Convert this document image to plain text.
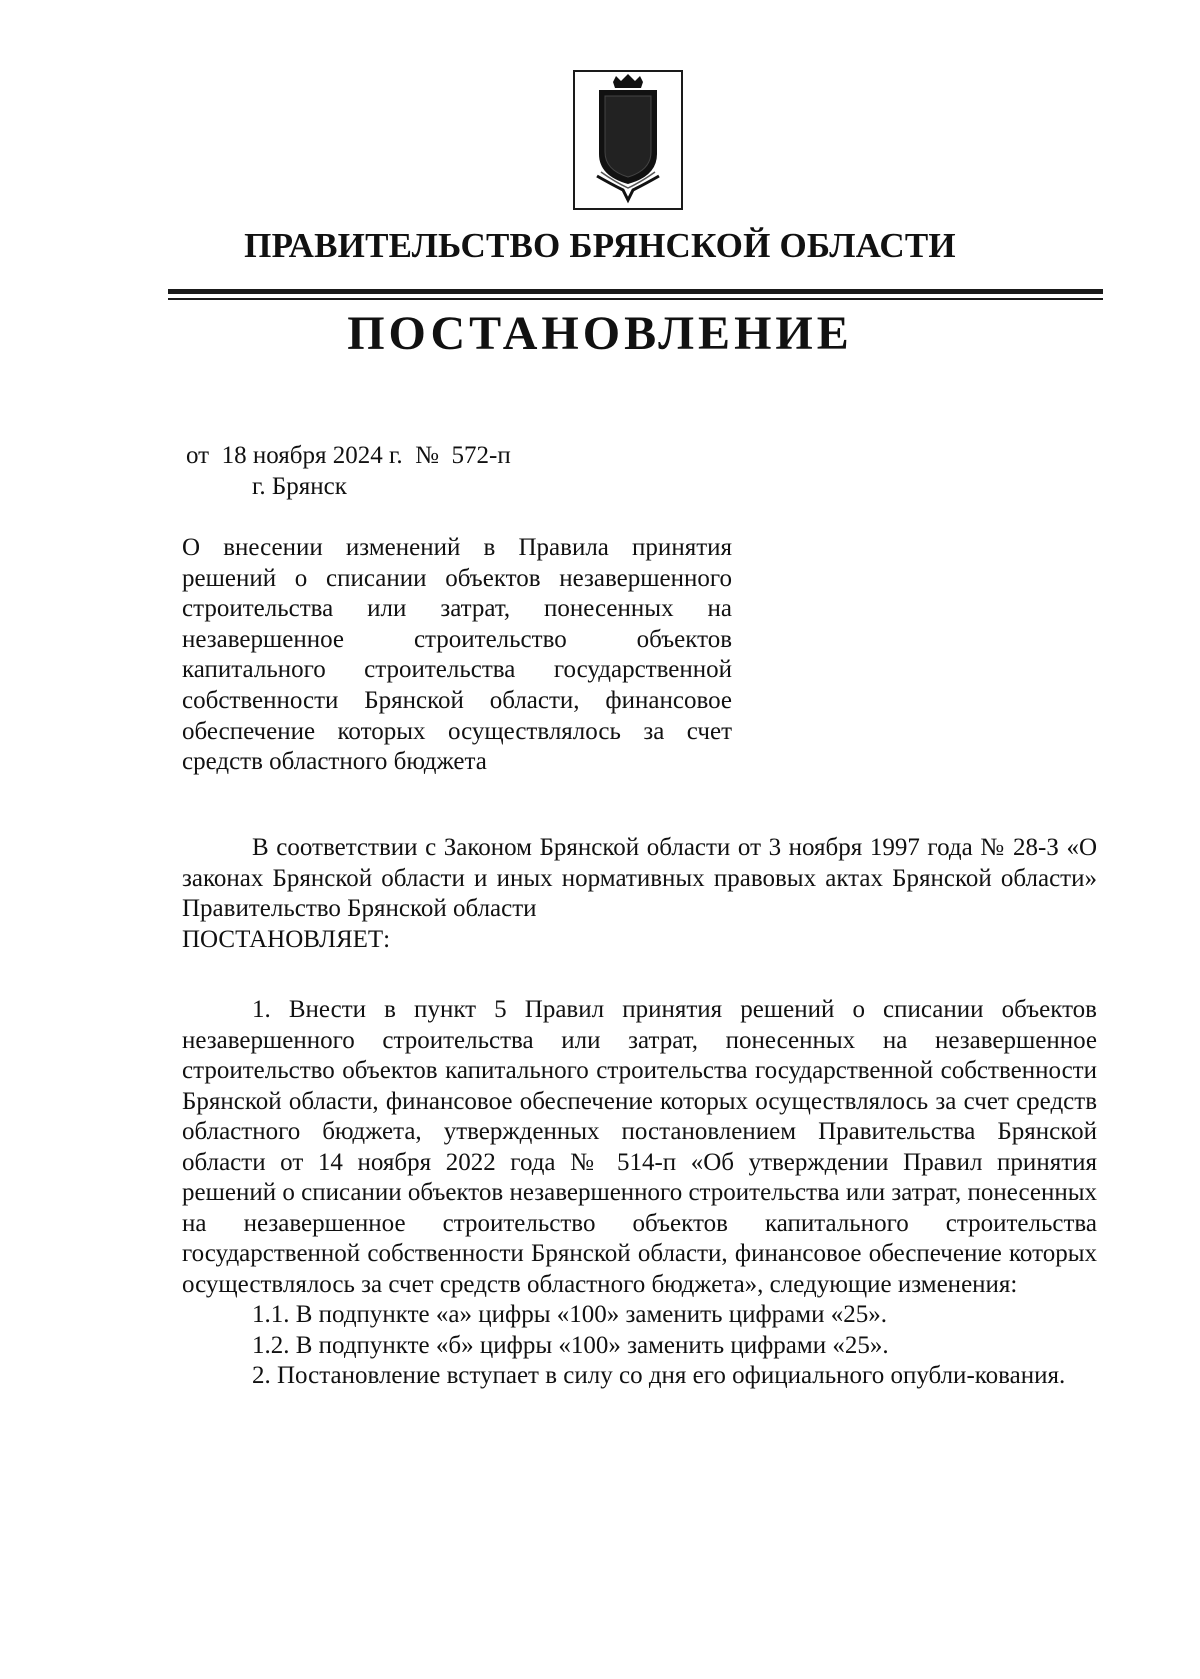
ПРАВИТЕЛЬСТВО БРЯНСКОЙ ОБЛАСТИ
ПОСТАНОВЛЕНИЕ
от  18 ноября 2024 г.  №  572-п
г. Брянск
О внесении изменений в Правила принятия решений о списании объектов незавершенного строительства или затрат, понесенных на незавершенное строительство объектов капитального строительства государственной собственности Брянской области, финансовое обеспечение которых осуществлялось за счет средств областного бюджета
В соответствии с Законом Брянской области от 3 ноября 1997 года № 28-З «О законах Брянской области и иных нормативных правовых актах Брянской области» Правительство Брянской области
ПОСТАНОВЛЯЕТ:

1. Внести в пункт 5 Правил принятия решений о списании объектов незавершенного строительства или затрат, понесенных на незавершенное строительство объектов капитального строительства государственной собственности Брянской области, финансовое обеспечение которых осуществлялось за счет средств областного бюджета, утвержденных постановлением Правительства Брянской области от 14 ноября 2022 года № 514-п «Об утверждении Правил принятия решений о списании объектов незавершенного строительства или затрат, понесенных на незавершенное строительство объектов капитального строительства государственной собственности Брянской области, финансовое обеспечение которых осуществлялось за счет средств областного бюджета», следующие изменения:

1.1. В подпункте «а» цифры «100» заменить цифрами «25».

1.2. В подпункте «б» цифры «100» заменить цифрами «25».

2. Постановление вступает в силу со дня его официального опубли-кования.
